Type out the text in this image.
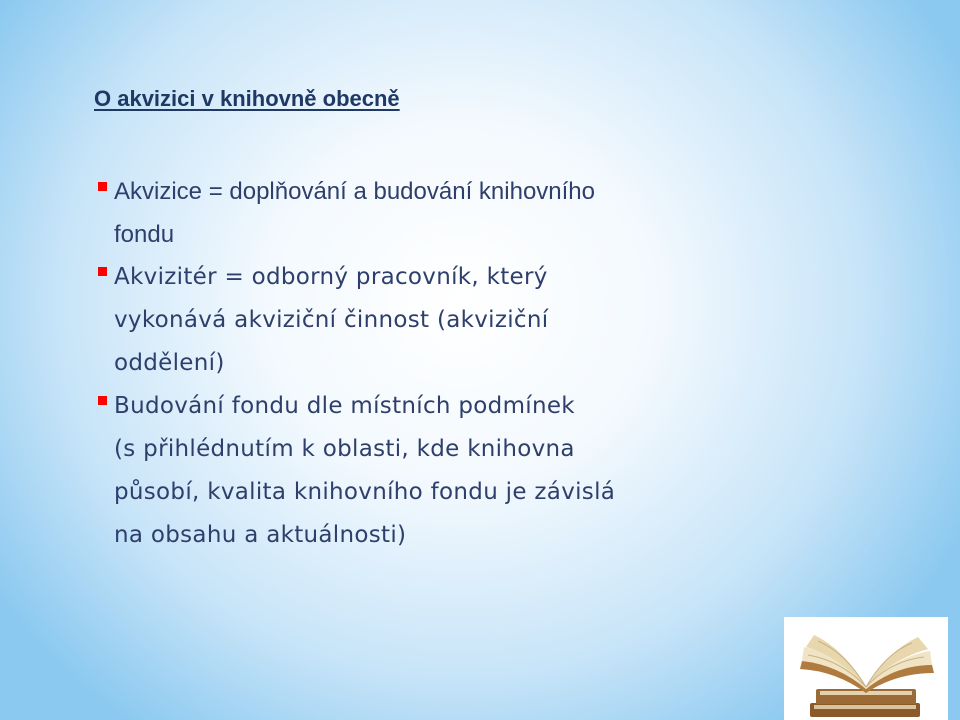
O akvizici v knihovně obecně
Akvizice = doplňování a budování knihovního
fondu
Akvizitér = odborný pracovník, který
vykonává akviziční činnost (akviziční
oddělení)
Budování fondu dle místních podmínek
(s přihlédnutím k oblasti, kde knihovna
působí, kvalita knihovního fondu je závislá
na obsahu a aktuálnosti)
